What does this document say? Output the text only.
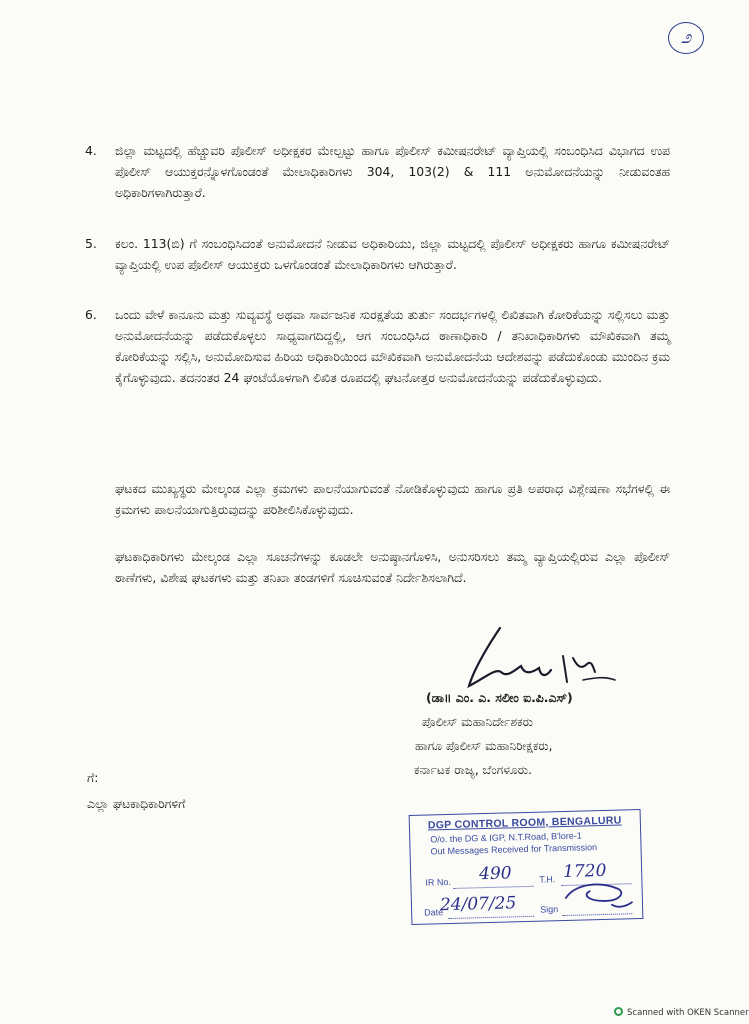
೨
4.	ಜಿಲ್ಲಾ ಮಟ್ಟದಲ್ಲಿ ಹೆಚ್ಚುವರಿ ಪೊಲೀಸ್ ಅಧೀಕ್ಷಕರ ಮೇಲ್ಪಟ್ಟು ಹಾಗೂ ಪೊಲೀಸ್ ಕಮೀಷನರೇಟ್ ವ್ಯಾಪ್ತಿಯಲ್ಲಿ ಸಂಬಂಧಿಸಿದ ವಿಭಾಗದ ಉಪ ಪೊಲೀಸ್ ಆಯುಕ್ತರನ್ನೊಳಗೊಂಡಂತೆ ಮೇಲಾಧಿಕಾರಿಗಳು 304, 103(2) & 111 ಅನುಮೋದನೆಯನ್ನು ನೀಡುವಂತಹ ಅಧಿಕಾರಿಗಳಾಗಿರುತ್ತಾರೆ.
5.	ಕಲಂ. 113(ಬಿ) ಗೆ ಸಂಬಂಧಿಸಿದಂತೆ ಅನುಮೋದನೆ ನೀಡುವ ಅಧಿಕಾರಿಯು, ಜಿಲ್ಲಾ ಮಟ್ಟದಲ್ಲಿ ಪೊಲೀಸ್ ಅಧೀಕ್ಷಕರು ಹಾಗೂ ಕಮೀಷನರೇಟ್ ವ್ಯಾಪ್ತಿಯಲ್ಲಿ ಉಪ ಪೊಲೀಸ್ ಆಯುಕ್ತರು ಒಳಗೊಂಡಂತೆ ಮೇಲಾಧಿಕಾರಿಗಳು ಆಗಿರುತ್ತಾರೆ.
6.	ಒಂದು ವೇಳೆ ಕಾನೂನು ಮತ್ತು ಸುವ್ಯವಸ್ಥೆ ಅಥವಾ ಸಾರ್ವಜನಿಕ ಸುರಕ್ಷತೆಯ ತುರ್ತು ಸಂದರ್ಭಗಳಲ್ಲಿ ಲಿಖಿತವಾಗಿ ಕೋರಿಕೆಯನ್ನು ಸಲ್ಲಿಸಲು ಮತ್ತು ಅನುಮೋದನೆಯನ್ನು ಪಡೆದುಕೊಳ್ಳಲು ಸಾಧ್ಯವಾಗದಿದ್ದಲ್ಲಿ, ಆಗ ಸಂಬಂಧಿಸಿದ ಠಾಣಾಧಿಕಾರಿ / ತನಿಖಾಧಿಕಾರಿಗಳು ಮೌಖಿಕವಾಗಿ ತಮ್ಮ ಕೋರಿಕೆಯನ್ನು ಸಲ್ಲಿಸಿ, ಅನುಮೋದಿಸುವ ಹಿರಿಯ ಅಧಿಕಾರಿಯಿಂದ ಮೌಖಿಕವಾಗಿ ಅನುಮೋದನೆಯ ಆದೇಶವನ್ನು ಪಡೆದುಕೊಂಡು ಮುಂದಿನ ಕ್ರಮ ಕೈಗೊಳ್ಳುವುದು. ತದನಂತರ 24 ಘಂಟೆಯೊಳಗಾಗಿ ಲಿಖಿತ ರೂಪದಲ್ಲಿ ಘಟನೋತ್ತರ ಅನುಮೋದನೆಯನ್ನು ಪಡೆದುಕೊಳ್ಳುವುದು.
ಘಟಕದ ಮುಖ್ಯಸ್ಥರು ಮೇಲ್ಕಂಡ ಎಲ್ಲಾ ಕ್ರಮಗಳು ಪಾಲನೆಯಾಗುವಂತೆ ನೋಡಿಕೊಳ್ಳುವುದು ಹಾಗೂ ಪ್ರತಿ ಅಪರಾಧ ವಿಶ್ಲೇಷಣಾ ಸಭೆಗಳಲ್ಲಿ ಈ ಕ್ರಮಗಳು ಪಾಲನೆಯಾಗುತ್ತಿರುವುದನ್ನು ಪರಿಶೀಲಿಸಿಕೊಳ್ಳುವುದು.
ಘಟಕಾಧಿಕಾರಿಗಳು ಮೇಲ್ಕಂಡ ಎಲ್ಲಾ ಸೂಚನೆಗಳನ್ನು ಕೂಡಲೇ ಅನುಷ್ಠಾನಗೊಳಿಸಿ, ಅನುಸರಿಸಲು ತಮ್ಮ ವ್ಯಾಪ್ತಿಯಲ್ಲಿರುವ ಎಲ್ಲಾ ಪೊಲೀಸ್ ಠಾಣೆಗಳು, ವಿಶೇಷ ಘಟಕಗಳು ಮತ್ತು ತನಿಖಾ ತಂಡಗಳಿಗೆ ಸೂಚಿಸುವಂತೆ ನಿರ್ದೇಶಿಸಲಾಗಿದೆ.
(ಡಾ॥ ಎಂ. ಎ. ಸಲೀಂ ಐ.ಪಿ.ಎಸ್)
ಪೊಲೀಸ್ ಮಹಾನಿರ್ದೇಶಕರು
ಹಾಗೂ ಪೊಲೀಸ್ ಮಹಾನಿರೀಕ್ಷಕರು,
ಕರ್ನಾಟಕ ರಾಜ್ಯ, ಬೆಂಗಳೂರು.
ಗೆ:
ಎಲ್ಲಾ ಘಟಕಾಧಿಕಾರಿಗಳಿಗೆ
DGP CONTROL ROOM, BENGALURU
O/o. the DG & IGP, N.T.Road, B'lore-1
Out Messages Received for Transmission
IR No. 490	T.H. 1720
Date
24/07/25	Sign
Scanned with OKEN Scanner
